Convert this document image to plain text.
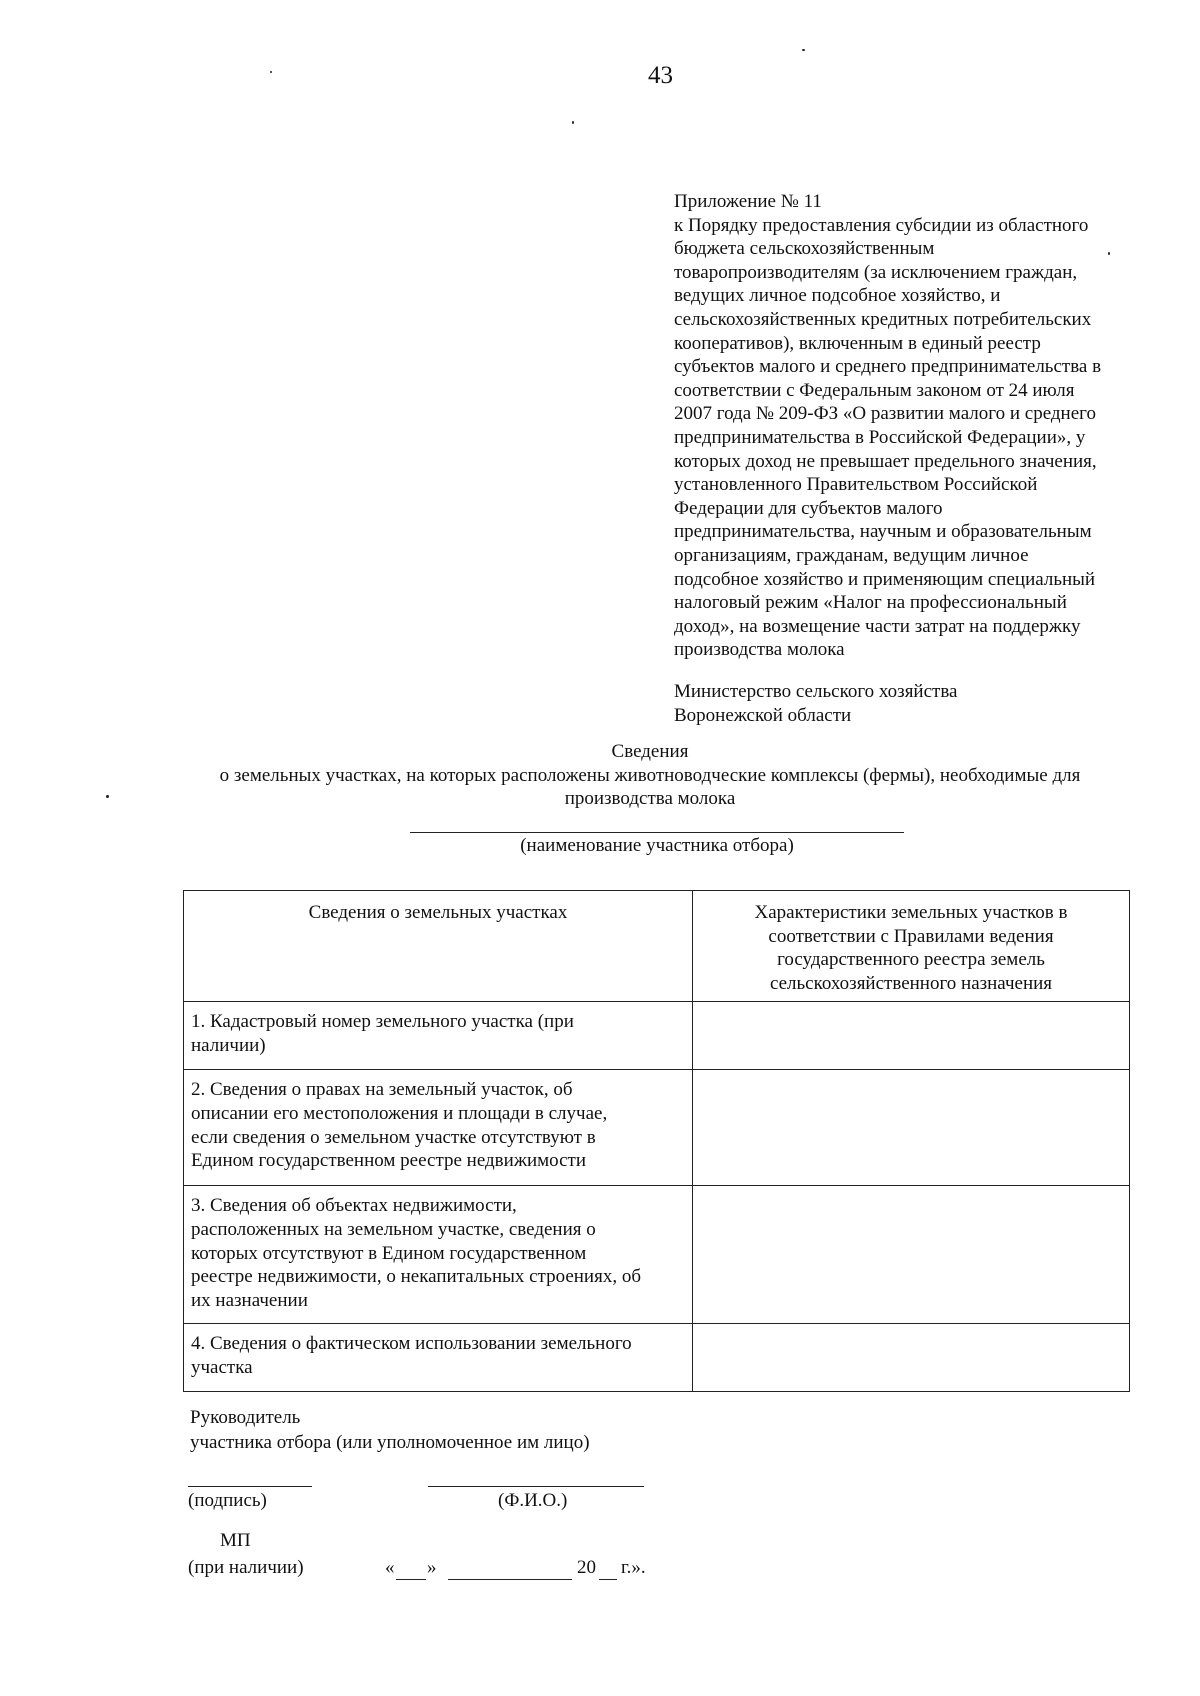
43

Приложение № 11

к Порядку предоставления субсидии из областного

бюджета сельскохозяйственным

товаропроизводителям (за исключением граждан,

ведущих личное подсобное хозяйство, и

сельскохозяйственных кредитных потребительских

кооперативов), включенным в единый реестр

субъектов малого и среднего предпринимательства в

соответствии с Федеральным законом от 24 июля

2007 года № 209-ФЗ «О развитии малого и среднего

предпринимательства в Российской Федерации», у

которых доход не превышает предельного значения,

установленного Правительством Российской

Федерации для субъектов малого

предпринимательства, научным и образовательным

организациям, гражданам, ведущим личное

подсобное хозяйство и применяющим специальный

налоговый режим «Налог на профессиональный

доход», на возмещение части затрат на поддержку

производства молока

Министерство сельского хозяйства
Воронежской области
Сведения
о земельных участках, на которых расположены животноводческие комплексы (фермы), необходимые для
производства молока
(наименование участника отбора)
Сведения о земельных участках	Характеристики земельных участков в
соответствии с Правилами ведения
государственного реестра земель
сельскохозяйственного назначения

1. Кадастровый номер земельного участка (при
наличии)	

2. Сведения о правах на земельный участок, об
описании его местоположения и площади в случае,
если сведения о земельном участке отсутствуют в
Едином государственном реестре недвижимости	

3. Сведения об объектах недвижимости,
расположенных на земельном участке, сведения о
которых отсутствуют в Едином государственном
реестре недвижимости, о некапитальных строениях, об
их назначении	

4. Сведения о фактическом использовании земельного
участка	

Руководитель
участника отбора (или уполномоченное им лицо)
(подпись)	(Ф.И.О.)
МП
(при наличии)	« »	20 г.».
